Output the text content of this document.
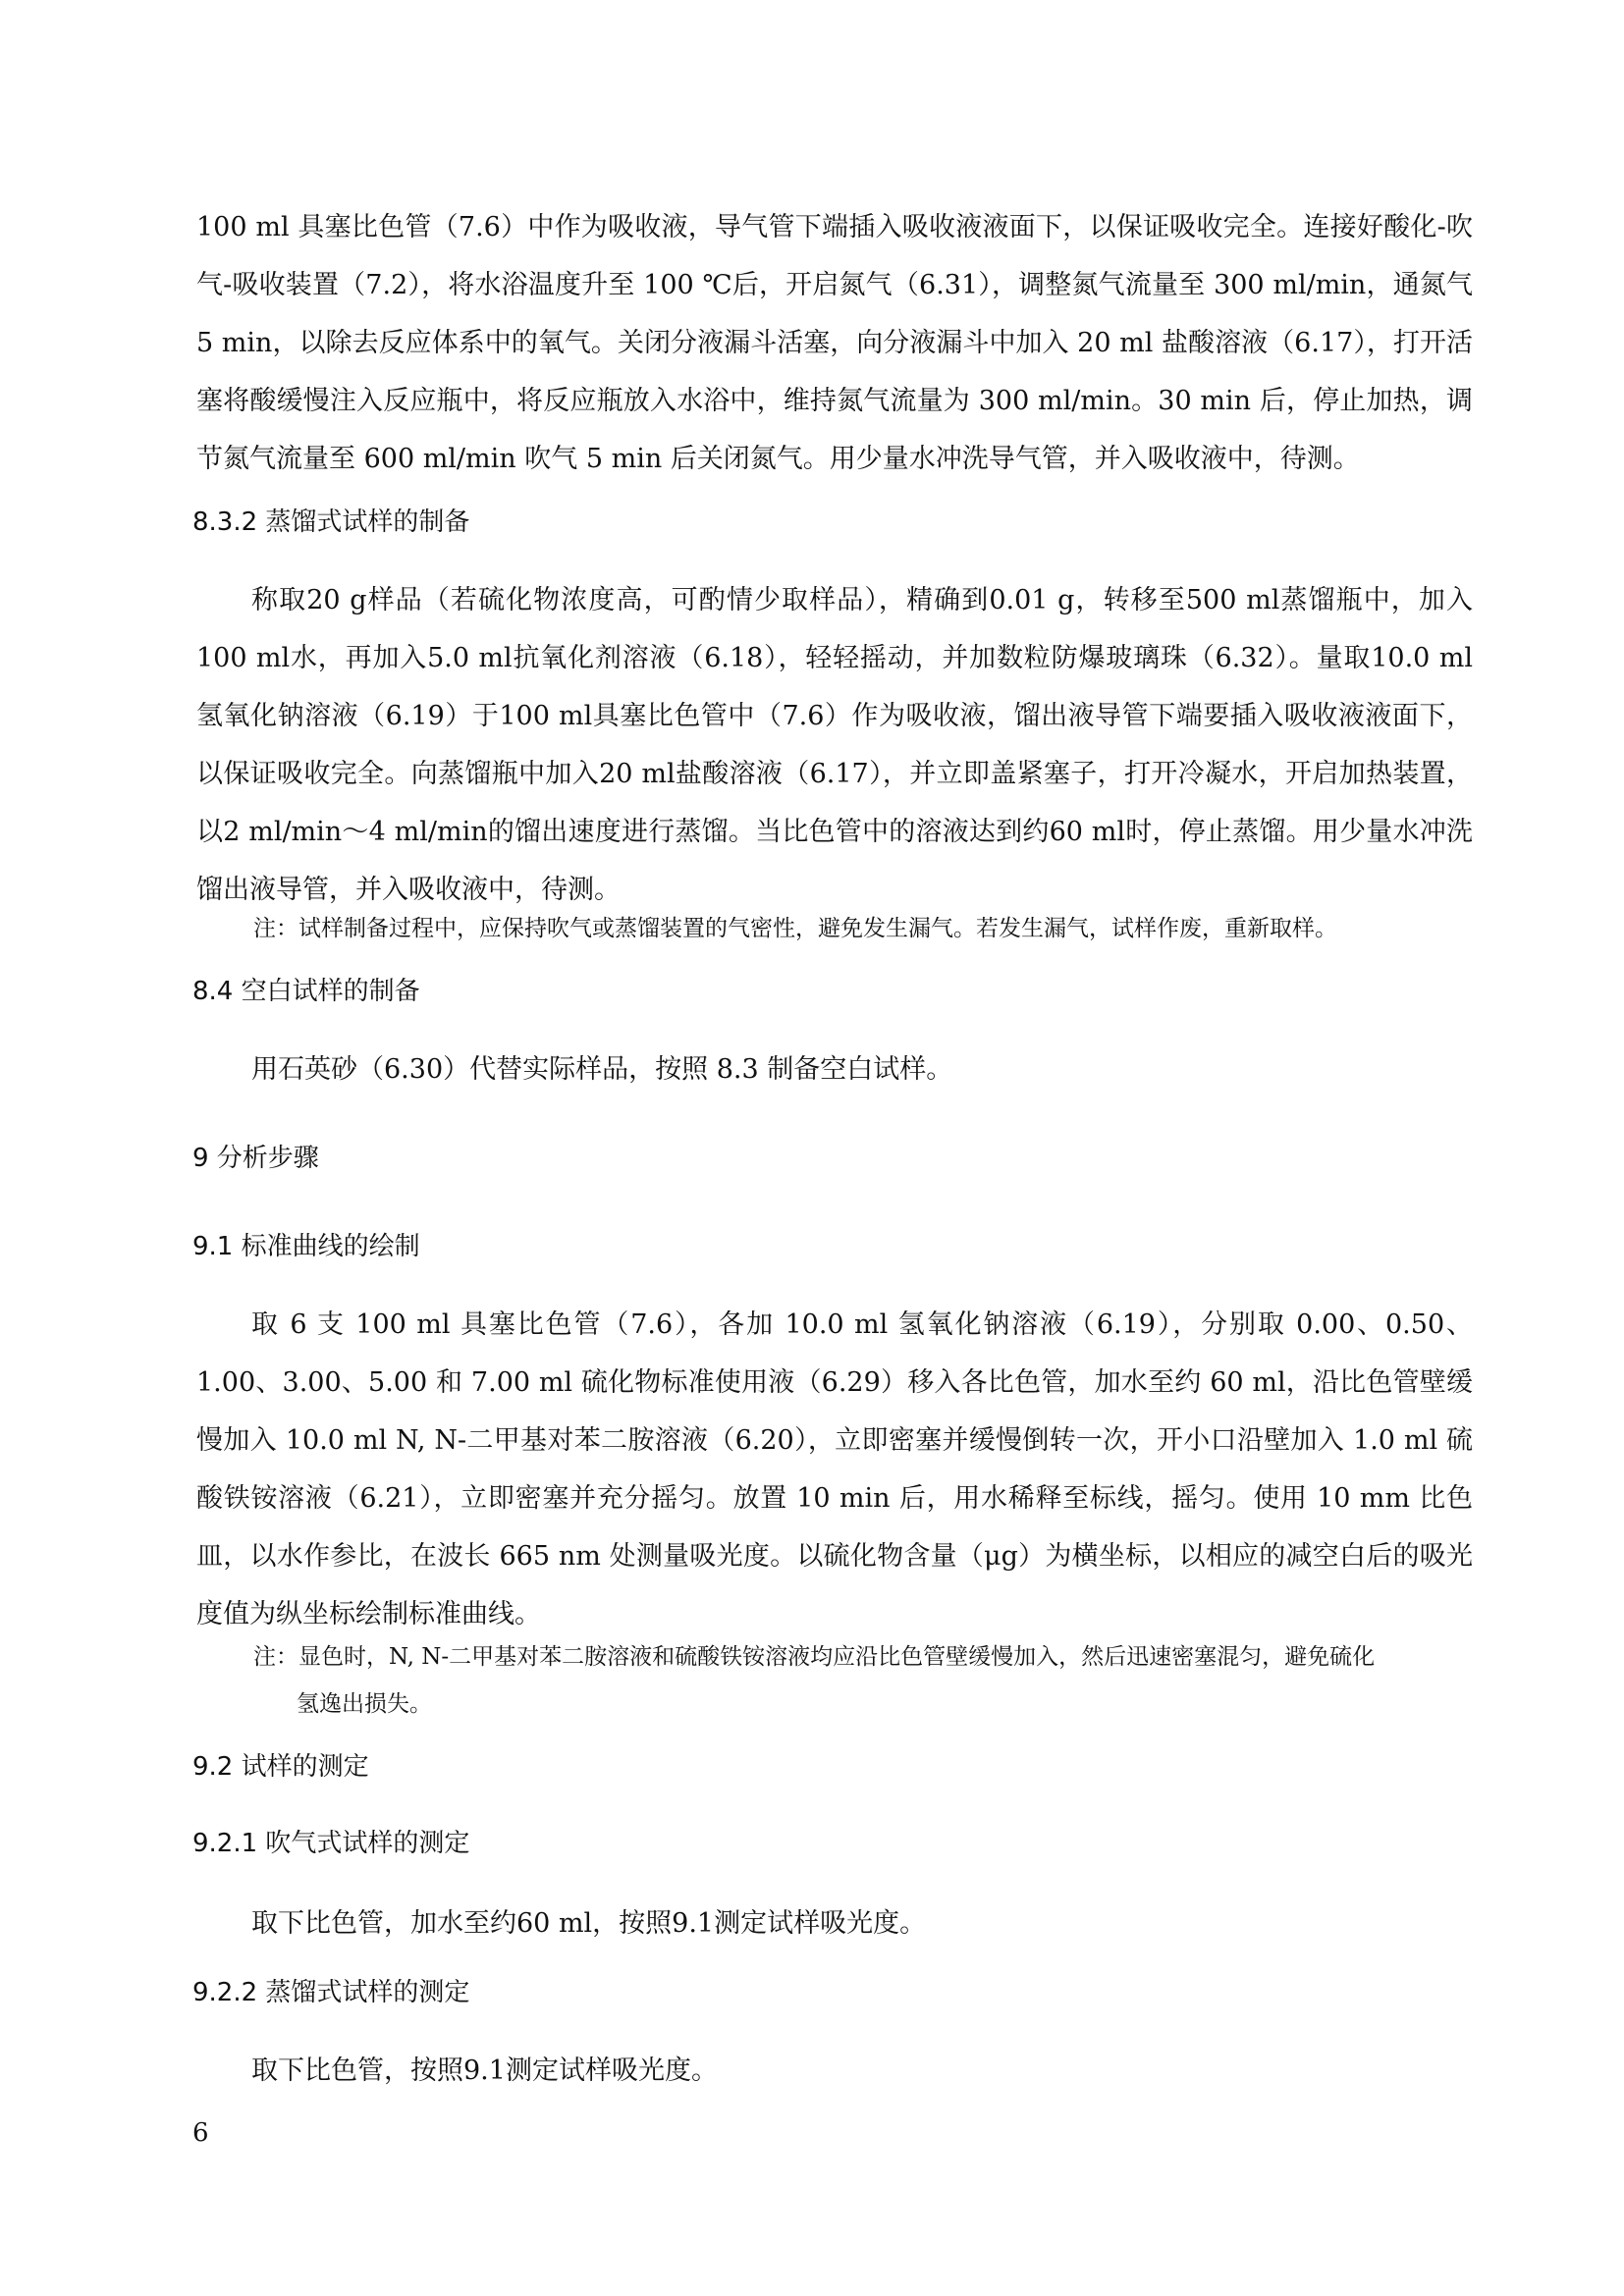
100 ml 具塞比色管（7.6）中作为吸收液，导气管下端插入吸收液液面下，以保证吸收完全。连接好酸化-吹气-吸收装置（7.2），将水浴温度升至 100 ℃后，开启氮气（6.31），调整氮气流量至 300 ml/min，通氮气 5 min，以除去反应体系中的氧气。关闭分液漏斗活塞，向分液漏斗中加入 20 ml 盐酸溶液（6.17），打开活塞将酸缓慢注入反应瓶中，将反应瓶放入水浴中，维持氮气流量为 300 ml/min。30 min 后，停止加热，调节氮气流量至 600 ml/min 吹气 5 min 后关闭氮气。用少量水冲洗导气管，并入吸收液中，待测。

8.3.2 蒸馏式试样的制备

称取20 g样品（若硫化物浓度高，可酌情少取样品），精确到0.01 g，转移至500 ml蒸馏瓶中，加入100 ml水，再加入5.0 ml抗氧化剂溶液（6.18），轻轻摇动，并加数粒防爆玻璃珠（6.32）。量取10.0 ml 氢氧化钠溶液（6.19）于100 ml具塞比色管中（7.6）作为吸收液，馏出液导管下端要插入吸收液液面下，以保证吸收完全。向蒸馏瓶中加入20 ml盐酸溶液（6.17），并立即盖紧塞子，打开冷凝水，开启加热装置，以2 ml/min～4 ml/min的馏出速度进行蒸馏。当比色管中的溶液达到约60 ml时，停止蒸馏。用少量水冲洗馏出液导管，并入吸收液中，待测。

注：试样制备过程中，应保持吹气或蒸馏装置的气密性，避免发生漏气。若发生漏气，试样作废，重新取样。

8.4 空白试样的制备

用石英砂（6.30）代替实际样品，按照 8.3 制备空白试样。

9 分析步骤
9.1 标准曲线的绘制

取 6 支 100 ml 具塞比色管（7.6），各加 10.0 ml 氢氧化钠溶液（6.19），分别取 0.00、0.50、1.00、3.00、5.00 和 7.00 ml 硫化物标准使用液（6.29）移入各比色管，加水至约 60 ml，沿比色管壁缓慢加入 10.0 ml N, N-二甲基对苯二胺溶液（6.20），立即密塞并缓慢倒转一次，开小口沿壁加入 1.0 ml 硫酸铁铵溶液（6.21），立即密塞并充分摇匀。放置 10 min 后，用水稀释至标线，摇匀。使用 10 mm 比色皿，以水作参比，在波长 665 nm 处测量吸光度。以硫化物含量（μg）为横坐标，以相应的减空白后的吸光度值为纵坐标绘制标准曲线。

注：显色时，N, N-二甲基对苯二胺溶液和硫酸铁铵溶液均应沿比色管壁缓慢加入，然后迅速密塞混匀，避免硫化
氢逸出损失。
9.2 试样的测定
9.2.1 吹气式试样的测定

取下比色管，加水至约60 ml，按照9.1测定试样吸光度。

9.2.2 蒸馏式试样的测定

取下比色管，按照9.1测定试样吸光度。

6
